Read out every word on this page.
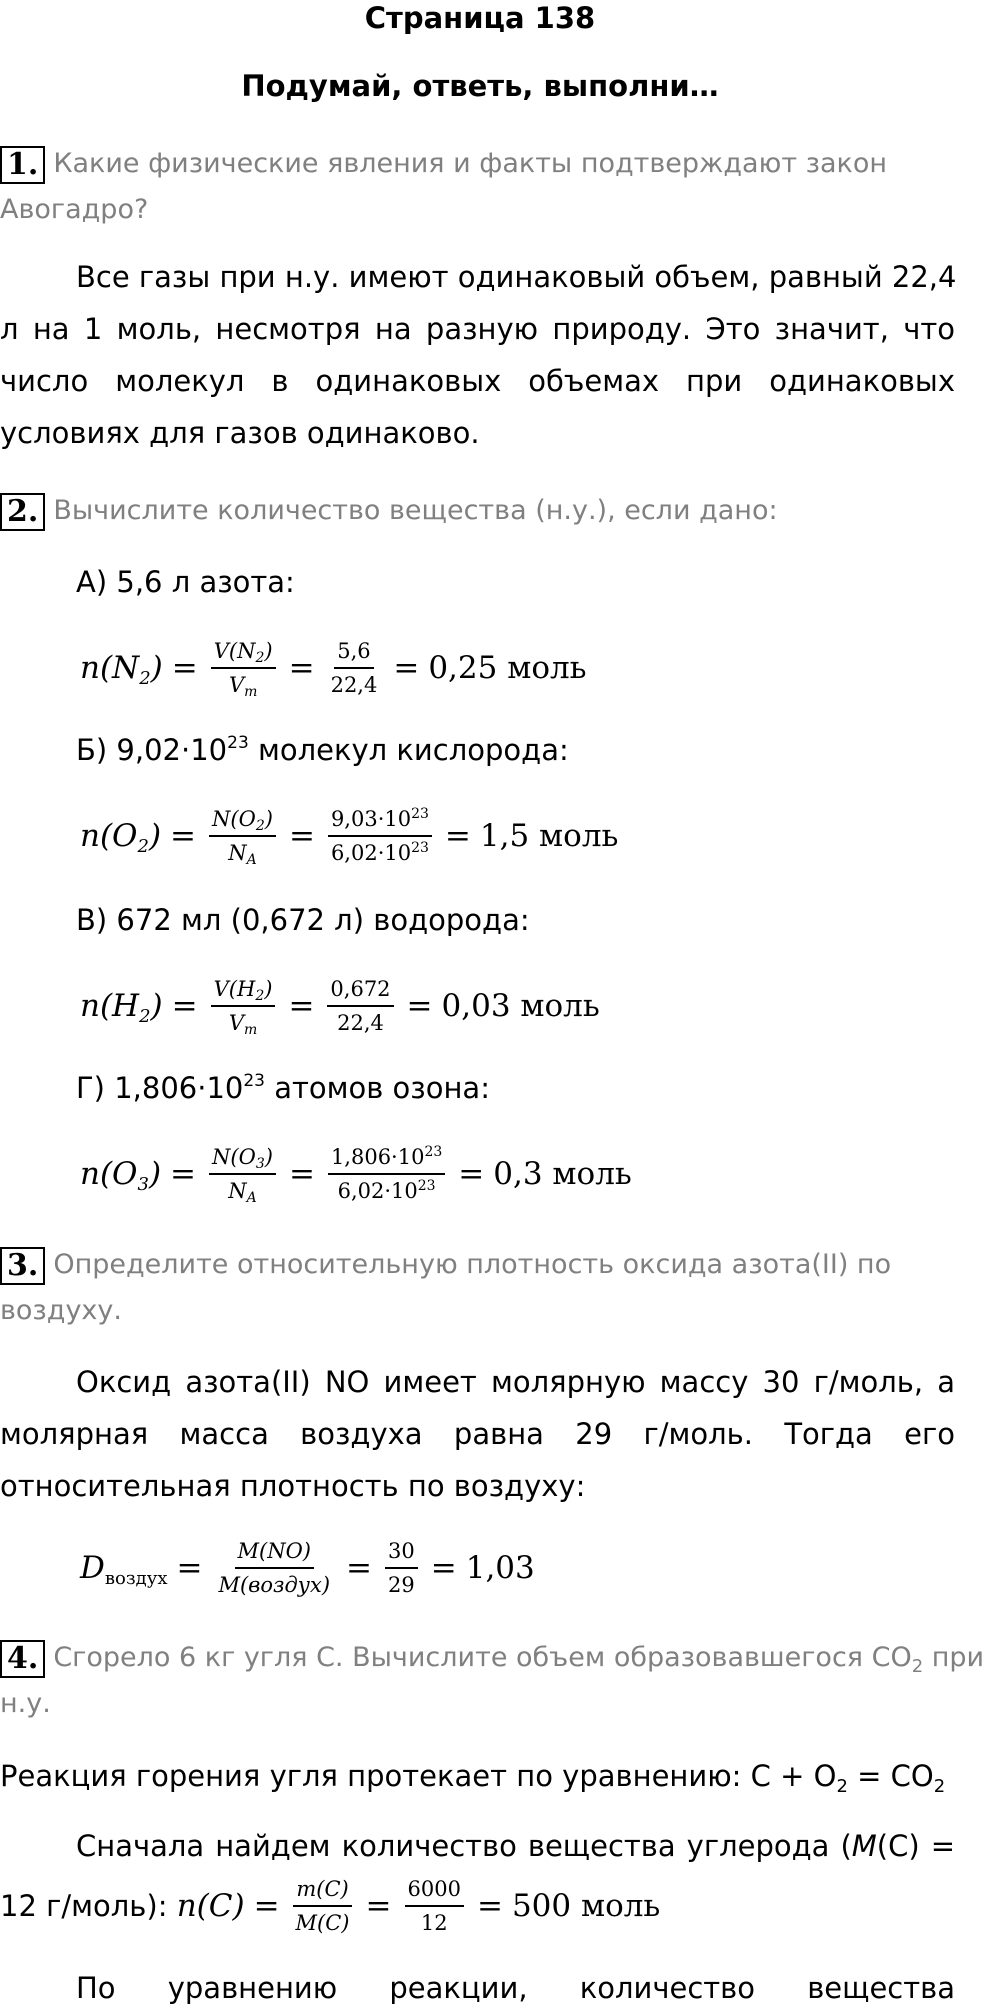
Страница 138
Подумай, ответь, выполни…
1. Какие физические явления и факты подтверждают закон
Авогадро?
Все газы при н.у. имеют одинаковый объем, равный 22,4
л на 1 моль, несмотря на разную природу. Это значит, что
число молекул в одинаковых объемах при одинаковых
условиях для газов одинаково.
2. Вычислите количество вещества (н.у.), если дано:
А) 5,6 л азота:
$n(N_2) = \frac{V(N_2)}{V_m} = \frac{5,6}{22,4} = 0,25$ моль
Б) $9,02\cdot 10^{23}$ молекул кислорода:
$n(O_2) = \frac{N(O_2)}{N_A} = \frac{9,03\cdot 10^{23}}{6,02\cdot 10^{23}} = 1,5$ моль
В) 672 мл (0,672 л) водорода:
$n(H_2) = \frac{V(H_2)}{V_m} = \frac{0,672}{22,4} = 0,03$ моль
Г) $1,806\cdot 10^{23}$ атомов озона:
$n(O_3) = \frac{N(O_3)}{N_A} = \frac{1,806\cdot 10^{23}}{6,02\cdot 10^{23}} = 0,3$ моль
3. Определите относительную плотность оксида азота(II) по
воздуху.
Оксид азота(II) NO имеет молярную массу 30 г/моль, а
молярная масса воздуха равна 29 г/моль. Тогда его
относительная плотность по воздуху:
$D_{воздух} = \frac{M(NO)}{\text{M(воздух)}} = \frac{30}{29} = 1,03$
4. Сгорело 6 кг угля C. Вычислите объем образовавшегося $CO_2$ при
н.у.
Реакция горения угля протекает по уравнению: $C + O_2 = CO_2$
Сначала найдем количество вещества углерода (M(C) =
12 г/моль): $n(C) = \frac{m(C)}{M(C)} = \frac{6000}{12} = 500$ моль
По уравнению реакции, количество вещества
